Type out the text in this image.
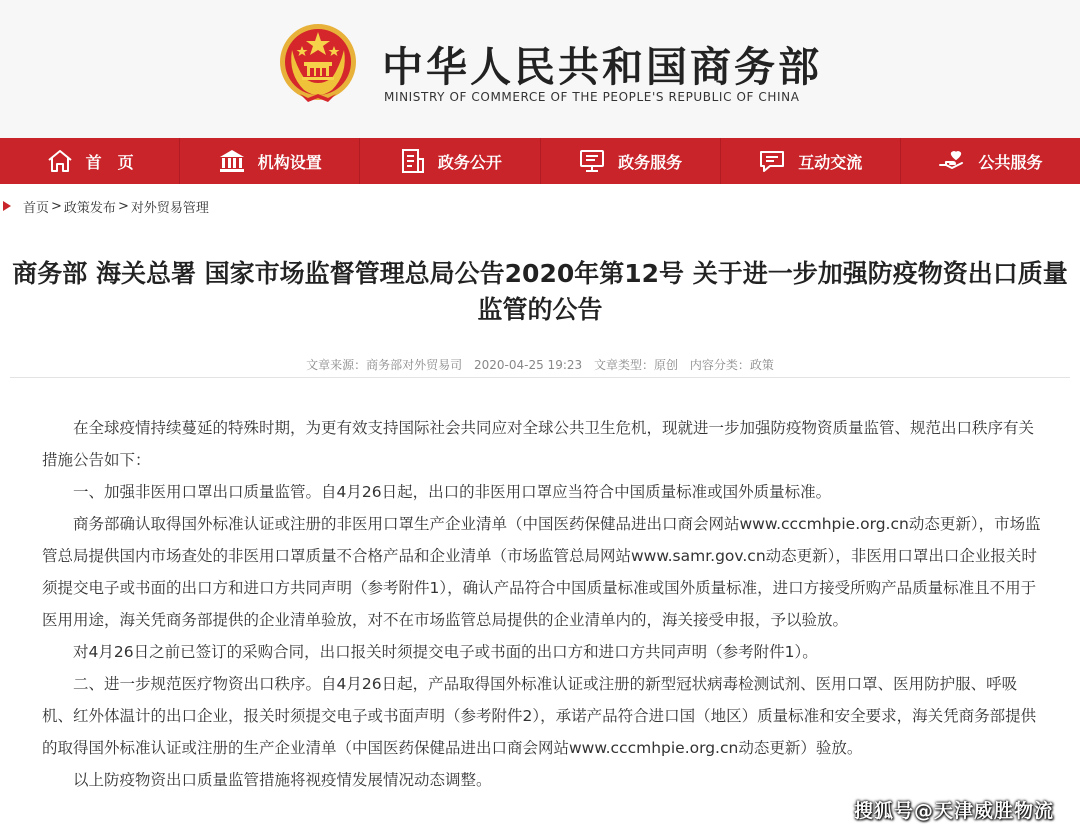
中华人民共和国商务部
MINISTRY OF COMMERCE OF THE PEOPLE'S REPUBLIC OF CHINA
首　页	机构设置	政务公开	政务服务	互动交流	公共服务
首页 > 政策发布 > 对外贸易管理
商务部 海关总署 国家市场监督管理总局公告2020年第12号 关于进一步加强防疫物资出口质量监管的公告
文章来源：商务部对外贸易司 2020-04-25 19:23 文章类型：原创 内容分类：政策

在全球疫情持续蔓延的特殊时期，为更有效支持国际社会共同应对全球公共卫生危机，现就进一步加强防疫物资质量监管、规范出口秩序有关措施公告如下：

一、加强非医用口罩出口质量监管。自4月26日起，出口的非医用口罩应当符合中国质量标准或国外质量标准。

商务部确认取得国外标准认证或注册的非医用口罩生产企业清单（中国医药保健品进出口商会网站www.cccmhpie.org.cn动态更新），市场监管总局提供国内市场查处的非医用口罩质量不合格产品和企业清单（市场监管总局网站www.samr.gov.cn动态更新），非医用口罩出口企业报关时须提交电子或书面的出口方和进口方共同声明（参考附件1），确认产品符合中国质量标准或国外质量标准，进口方接受所购产品质量标准且不用于医用用途，海关凭商务部提供的企业清单验放，对不在市场监管总局提供的企业清单内的，海关接受申报，予以验放。

对4月26日之前已签订的采购合同，出口报关时须提交电子或书面的出口方和进口方共同声明（参考附件1）。

二、进一步规范医疗物资出口秩序。自4月26日起，产品取得国外标准认证或注册的新型冠状病毒检测试剂、医用口罩、医用防护服、呼吸机、红外体温计的出口企业，报关时须提交电子或书面声明（参考附件2），承诺产品符合进口国（地区）质量标准和安全要求，海关凭商务部提供的取得国外标准认证或注册的生产企业清单（中国医药保健品进出口商会网站www.cccmhpie.org.cn动态更新）验放。

以上防疫物资出口质量监管措施将视疫情发展情况动态调整。

搜狐号@天津威胜物流
